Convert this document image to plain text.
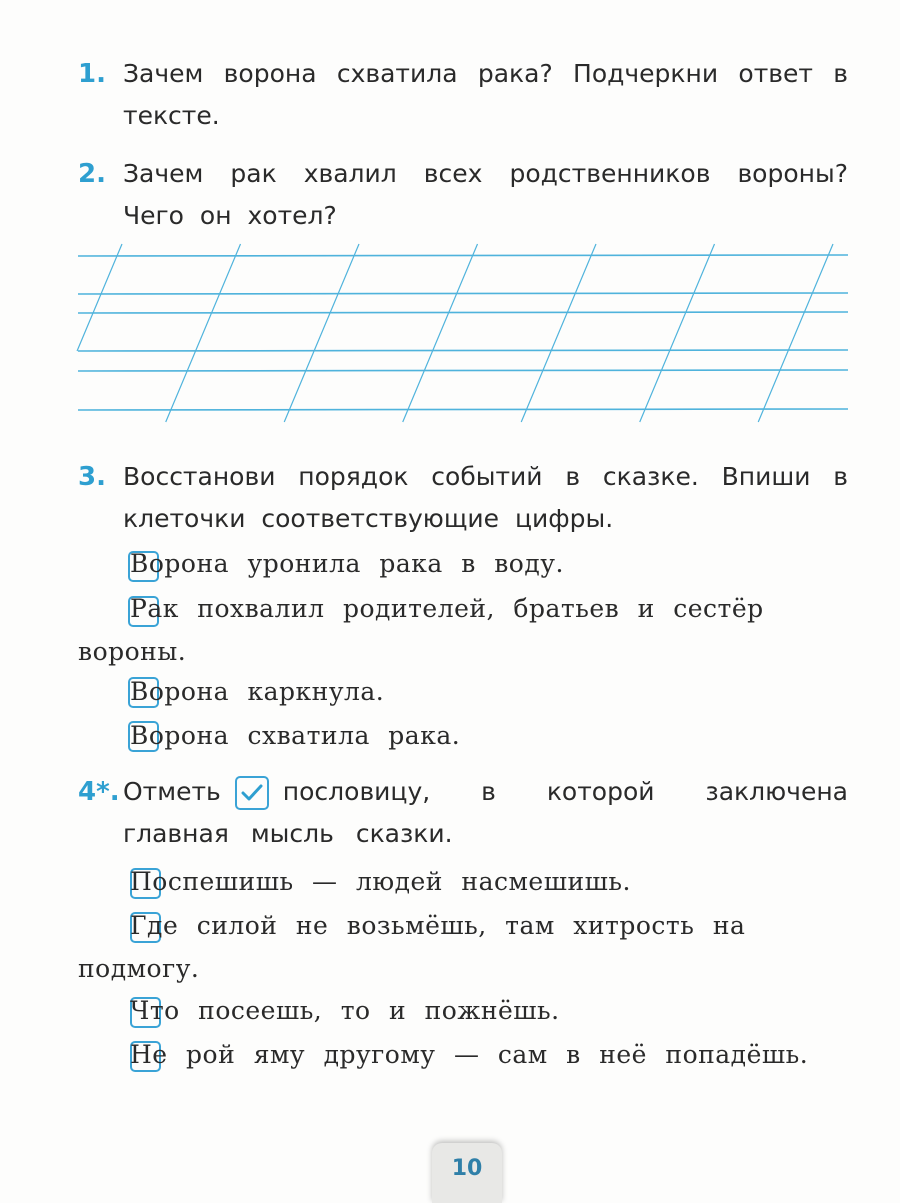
1. Зачем ворона схватила рака? Подчеркни ответ в тексте.
2. Зачем рак хвалил всех родственников вороны? Чего он хотел?
3. Восстанови порядок событий в сказке. Впиши в клеточки соответствующие цифры.
Ворона уронила рака в воду.
Рак похвалил родителей, братьев и сестёр вороны.
Ворона каркнула.
Ворона схватила рака.
4*. Отметь пословицу, в которой заключена главная мысль сказки.
Поспешишь — людей насмешишь.
Где силой не возьмёшь, там хитрость на подмогу.
Что посеешь, то и пожнёшь.
Не рой яму другому — сам в неё попадёшь.
10
